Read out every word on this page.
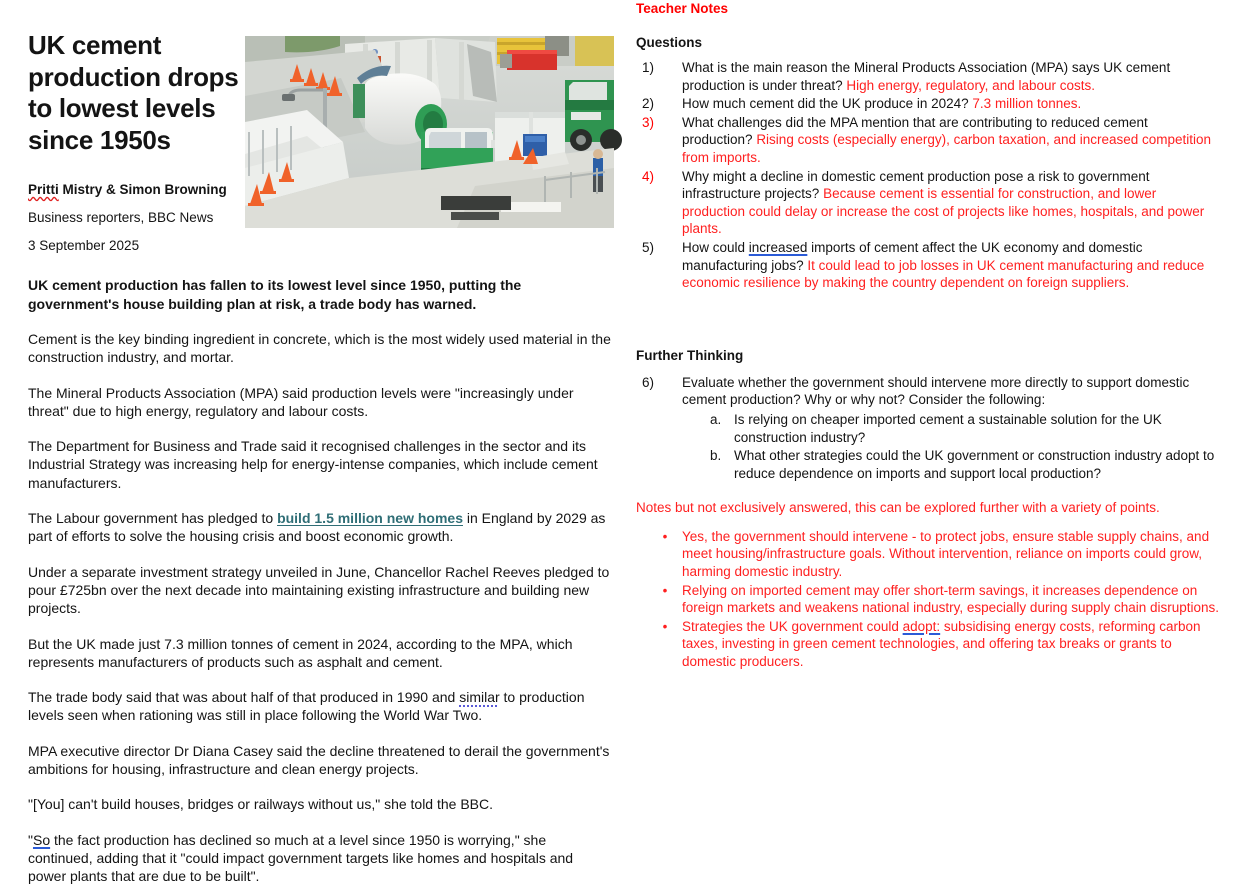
UK cement production drops to lowest levels since 1950s

Pritti Mistry & Simon Browning

Business reporters, BBC News

3 September 2025

UK cement production has fallen to its lowest level since 1950, putting the government's house building plan at risk, a trade body has warned.

Cement is the key binding ingredient in concrete, which is the most widely used material in the construction industry, and mortar.

The Mineral Products Association (MPA) said production levels were "increasingly under threat" due to high energy, regulatory and labour costs.

The Department for Business and Trade said it recognised challenges in the sector and its Industrial Strategy was increasing help for energy-intense companies, which include cement manufacturers.

The Labour government has pledged to build 1.5 million new homes in England by 2029 as part of efforts to solve the housing crisis and boost economic growth.

Under a separate investment strategy unveiled in June, Chancellor Rachel Reeves pledged to pour £725bn over the next decade into maintaining existing infrastructure and building new projects.

But the UK made just 7.3 million tonnes of cement in 2024, according to the MPA, which represents manufacturers of products such as asphalt and cement.

The trade body said that was about half of that produced in 1990 and similar to production levels seen when rationing was still in place following the World War Two.

MPA executive director Dr Diana Casey said the decline threatened to derail the government's ambitions for housing, infrastructure and clean energy projects.

"[You] can't build houses, bridges or railways without us," she told the BBC.

"So the fact production has declined so much at a level since 1950 is worrying," she continued, adding that it "could impact government targets like homes and hospitals and power plants that are due to be built".

Teacher Notes

Questions

1)	What is the main reason the Mineral Products Association (MPA) says UK cement production is under threat? High energy, regulatory, and labour costs.
2)	How much cement did the UK produce in 2024? 7.3 million tonnes.
3)	What challenges did the MPA mention that are contributing to reduced cement production? Rising costs (especially energy), carbon taxation, and increased competition from imports.
4)	Why might a decline in domestic cement production pose a risk to government infrastructure projects? Because cement is essential for construction, and lower production could delay or increase the cost of projects like homes, hospitals, and power plants.
5)	How could increased imports of cement affect the UK economy and domestic manufacturing jobs? It could lead to job losses in UK cement manufacturing and reduce economic resilience by making the country dependent on foreign suppliers.

Further Thinking

6)	Evaluate whether the government should intervene more directly to support domestic cement production? Why or why not? Consider the following:
a. Is relying on cheaper imported cement a sustainable solution for the UK construction industry?
b. What other strategies could the UK government or construction industry adopt to reduce dependence on imports and support local production?

Notes but not exclusively answered, this can be explored further with a variety of points.

•	Yes, the government should intervene - to protect jobs, ensure stable supply chains, and meet housing/infrastructure goals. Without intervention, reliance on imports could grow, harming domestic industry.
•	Relying on imported cement may offer short-term savings, it increases dependence on foreign markets and weakens national industry, especially during supply chain disruptions.
•	Strategies the UK government could adopt: subsidising energy costs, reforming carbon taxes, investing in green cement technologies, and offering tax breaks or grants to domestic producers.
